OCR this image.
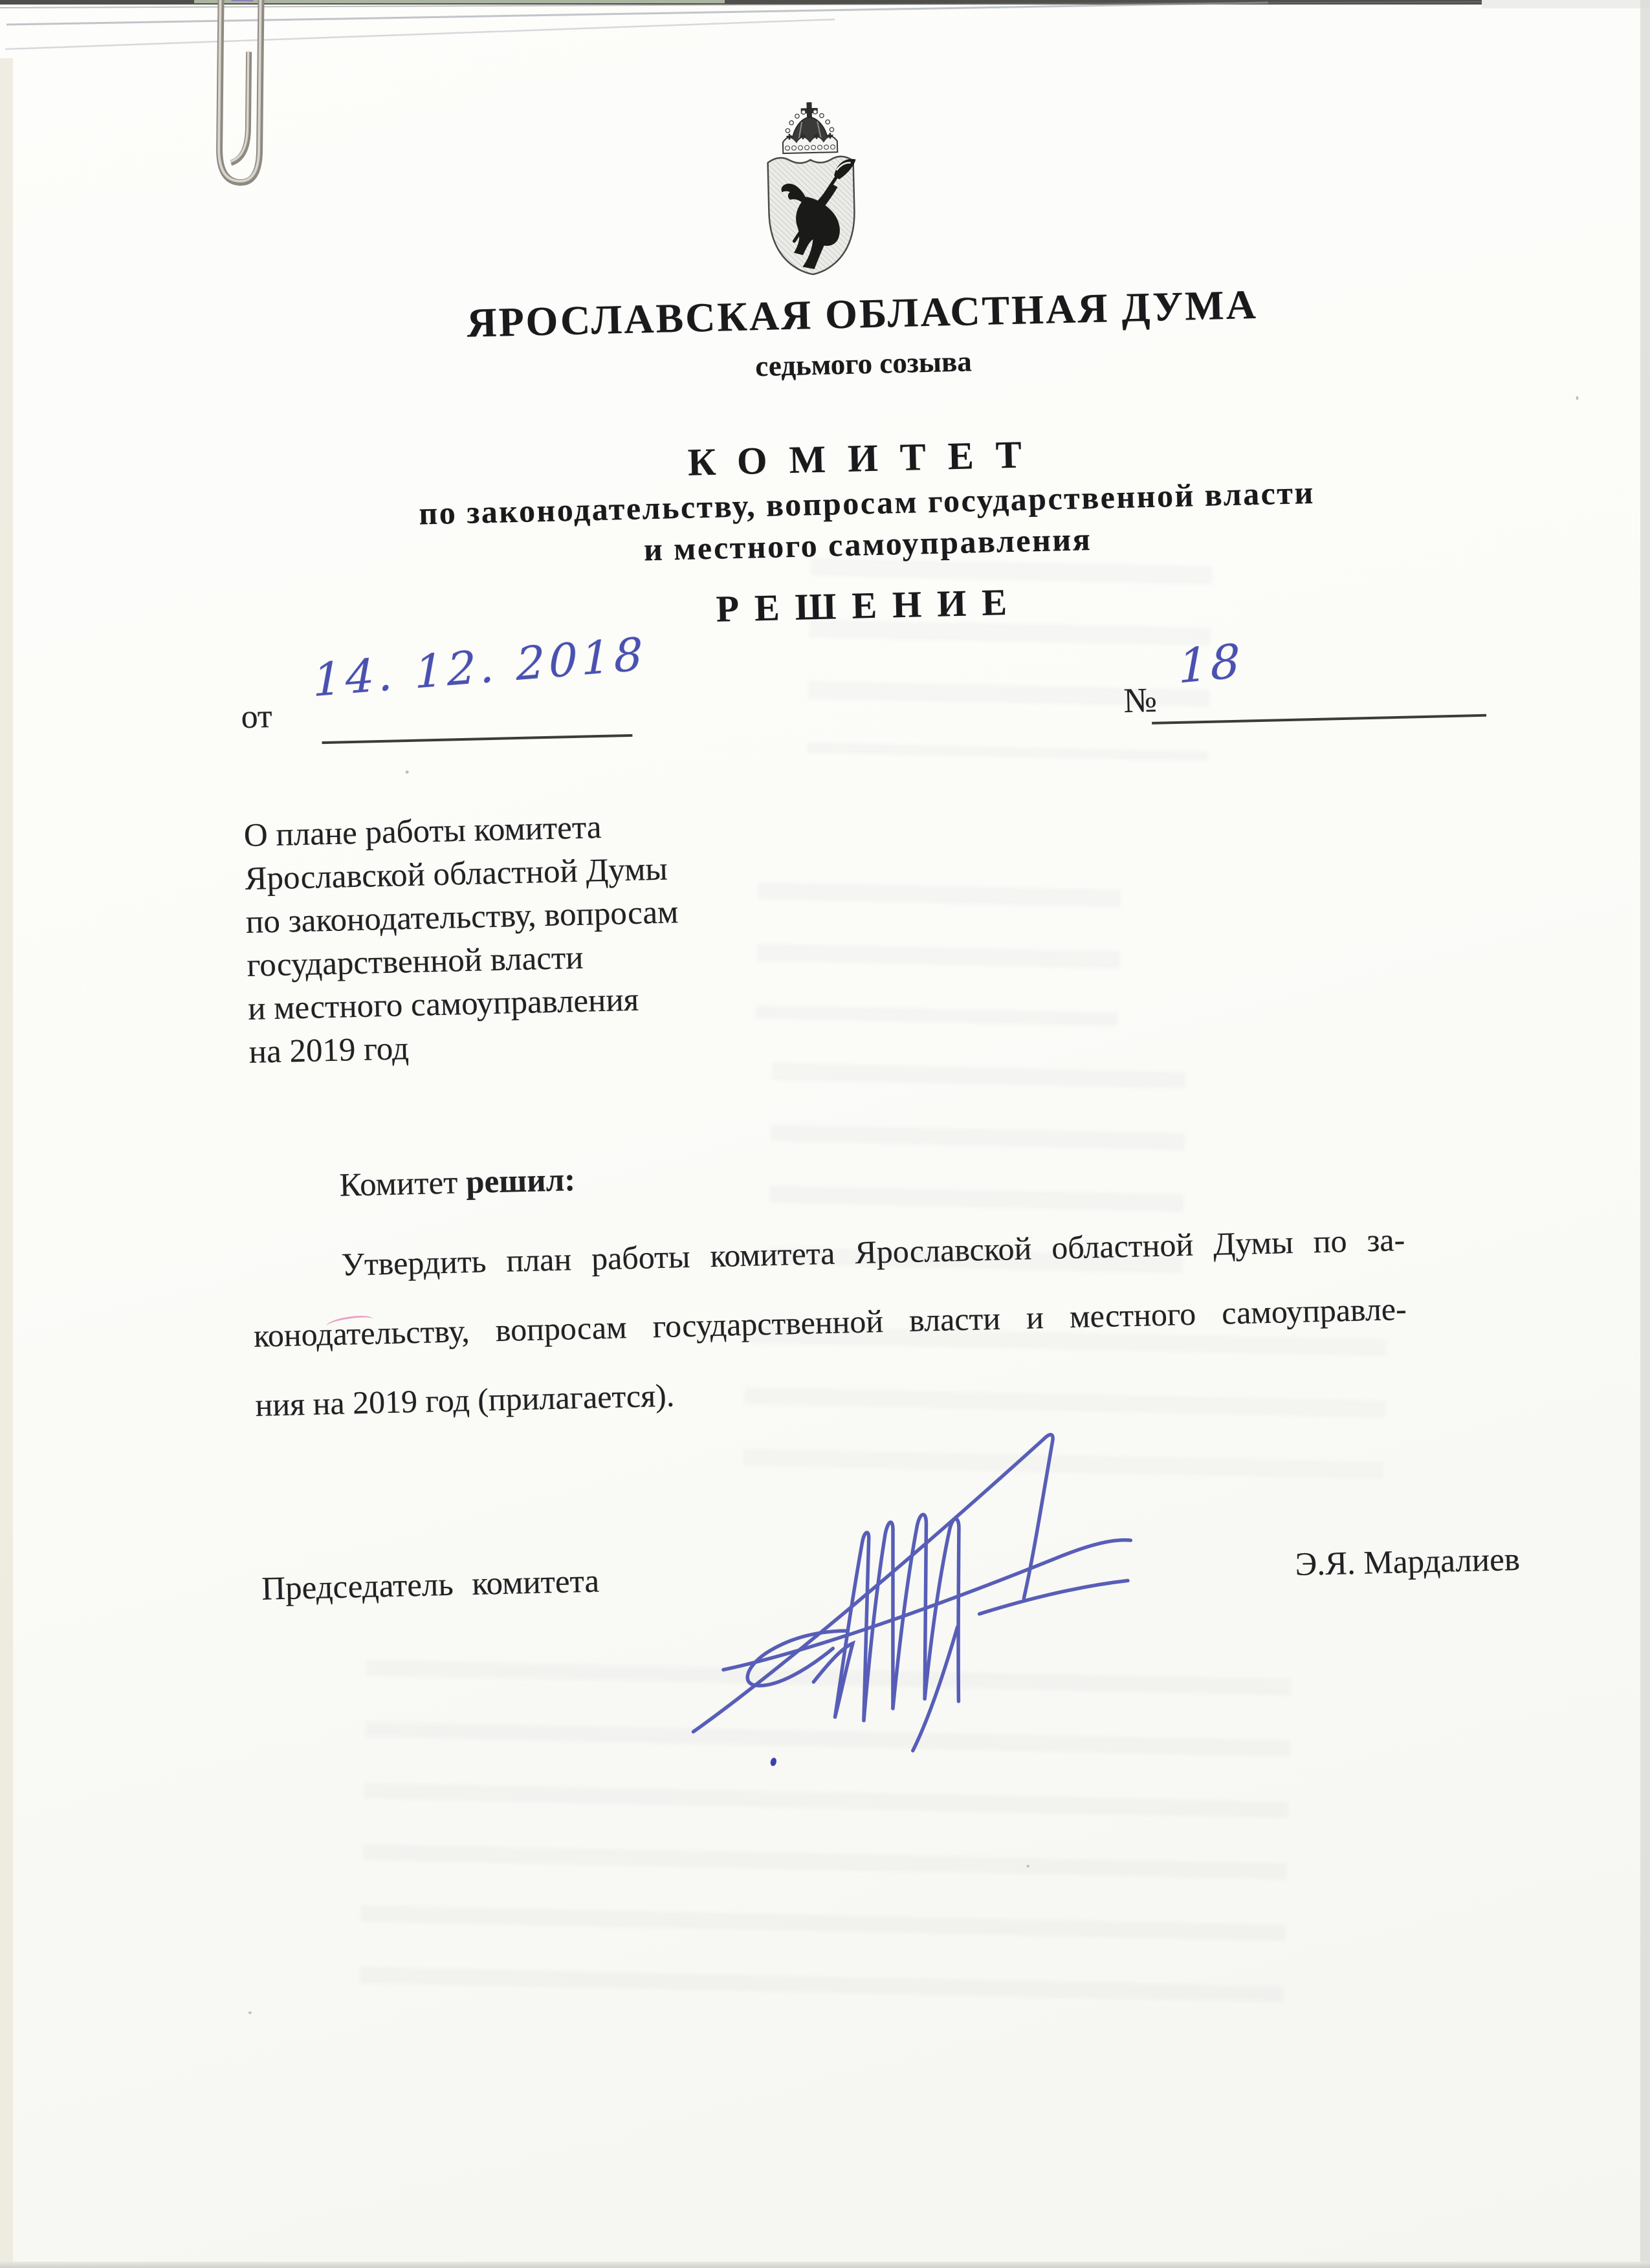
ЯРОСЛАВСКАЯ ОБЛАСТНАЯ ДУМА
седьмого созыва
КОМИТЕТ
по законодательству, вопросам государственной власти
и местного самоуправления
РЕШЕНИЕ
от
14. 12. 2018	№
18
О плане работы комитета
Ярославской областной Думы
по законодательству, вопросам
государственной власти
и местного самоуправления
на 2019 год
Комитет решил:
Утвердить план работы комитета Ярославской областной Думы по за-
конодательству, вопросам государственной власти и местного самоуправле-
ния на 2019 год (прилагается).
Председатель комитета
Э.Я. Мардалиев
